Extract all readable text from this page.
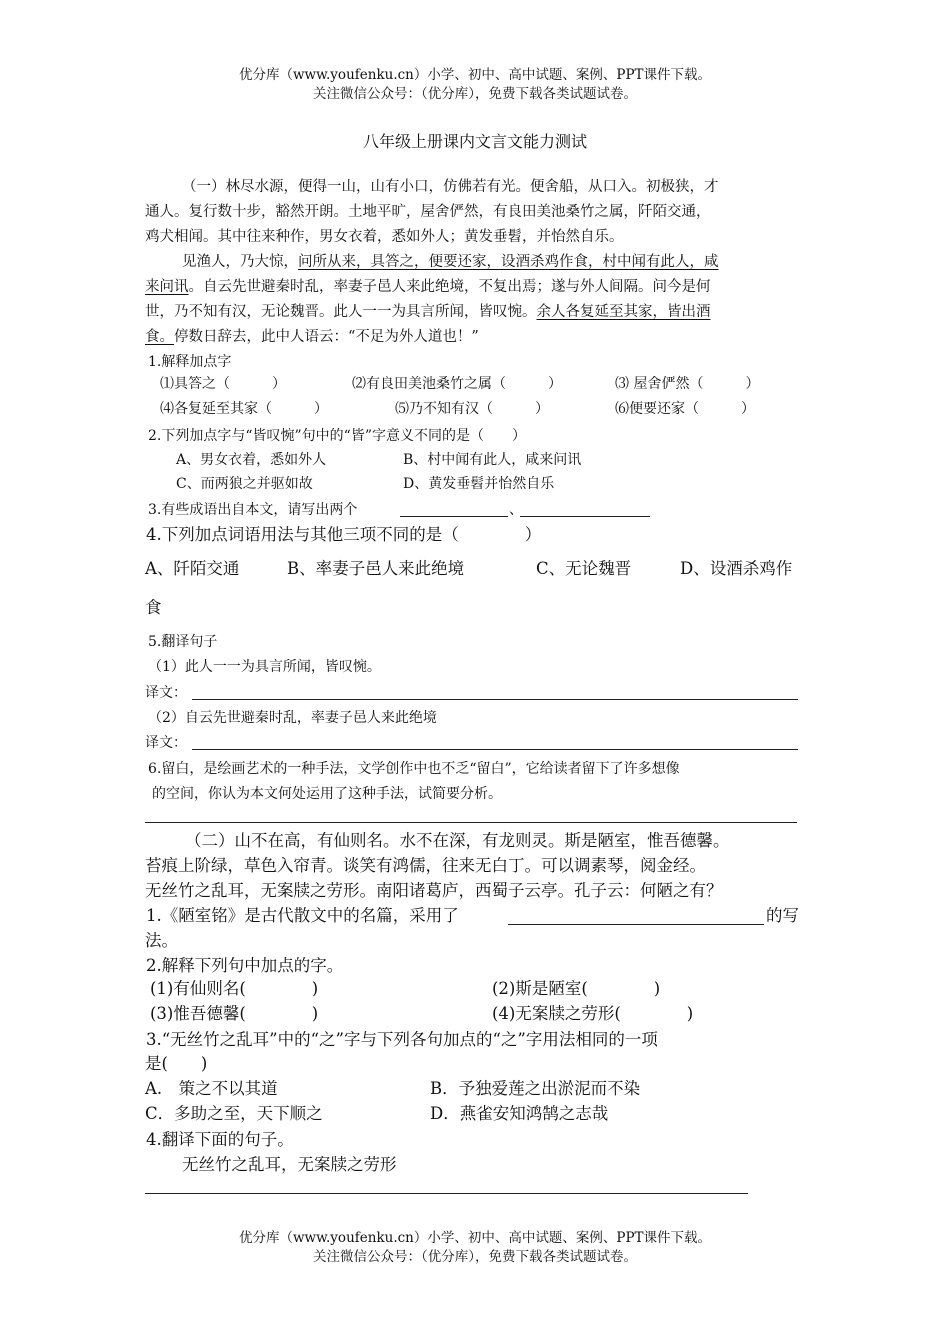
优分库（www.youfenku.cn）小学、初中、高中试题、案例、PPT课件下载。
关注微信公众号：（优分库），免费下载各类试题试卷。
八年级上册课内文言文能力测试
（一）林尽水源，便得一山，山有小口，仿佛若有光。便舍船，从口入。初极狭，才
通人。复行数十步，豁然开朗。土地平旷，屋舍俨然，有良田美池桑竹之属，阡陌交通，
鸡犬相闻。其中往来种作，男女衣着，悉如外人；黄发垂髫，并怡然自乐。
见渔人，乃大惊，问所从来，具答之，便要还家，设酒杀鸡作食，村中闻有此人，咸
来问讯。自云先世避秦时乱，率妻子邑人来此绝境，不复出焉；遂与外人间隔。问今是何
世，乃不知有汉，无论魏晋。此人一一为具言所闻，皆叹惋。余人各复延至其家，皆出酒
食。停数日辞去，此中人语云：“不足为外人道也！”
1.解释加点字
⑴具答之（　　　）	⑵有良田美池桑竹之属（　　　）	⑶ 屋舍俨然（　　　）
⑷各复延至其家（　　　）	⑸乃不知有汉（　　　）	⑹便要还家（　　　）
2.下列加点字与“皆叹惋”句中的“皆”字意义不同的是（　　）
A、男女衣着，悉如外人	B、村中闻有此人，咸来问讯
C、而两狼之并驱如故	D、黄发垂髫并怡然自乐
3.有些成语出自本文，请写出两个	、
4.下列加点词语用法与其他三项不同的是（　　　　）
A、阡陌交通	B、率妻子邑人来此绝境	C、无论魏晋	D、设酒杀鸡作
食
5.翻译句子
（1）此人一一为具言所闻，皆叹惋。
译文：
（2）自云先世避秦时乱，率妻子邑人来此绝境
译文：
6.留白，是绘画艺术的一种手法，文学创作中也不乏“留白”，它给读者留下了许多想像
的空间，你认为本文何处运用了这种手法，试简要分析。
（二）山不在高，有仙则名。水不在深，有龙则灵。斯是陋室，惟吾德馨。
苔痕上阶绿，草色入帘青。谈笑有鸿儒，往来无白丁。可以调素琴，阅金经。
无丝竹之乱耳，无案牍之劳形。南阳诸葛庐，西蜀子云亭。孔子云：何陋之有？
1.《陋室铭》是古代散文中的名篇，采用了	的写
法。
2.解释下列句中加点的字。
(1)有仙则名(　　　　)	(2)斯是陋室(　　　　)
(3)惟吾德馨(　　　　)	(4)无案牍之劳形(　　　　)
3.“无丝竹之乱耳”中的“之”字与下列各句加点的“之”字用法相同的一项
是(　　)
A.　策之不以其道	B．予独爱莲之出淤泥而不染
C．多助之至，天下顺之	D．燕雀安知鸿鹄之志哉
4.翻译下面的句子。
无丝竹之乱耳，无案牍之劳形
优分库（www.youfenku.cn）小学、初中、高中试题、案例、PPT课件下载。
关注微信公众号：（优分库），免费下载各类试题试卷。
